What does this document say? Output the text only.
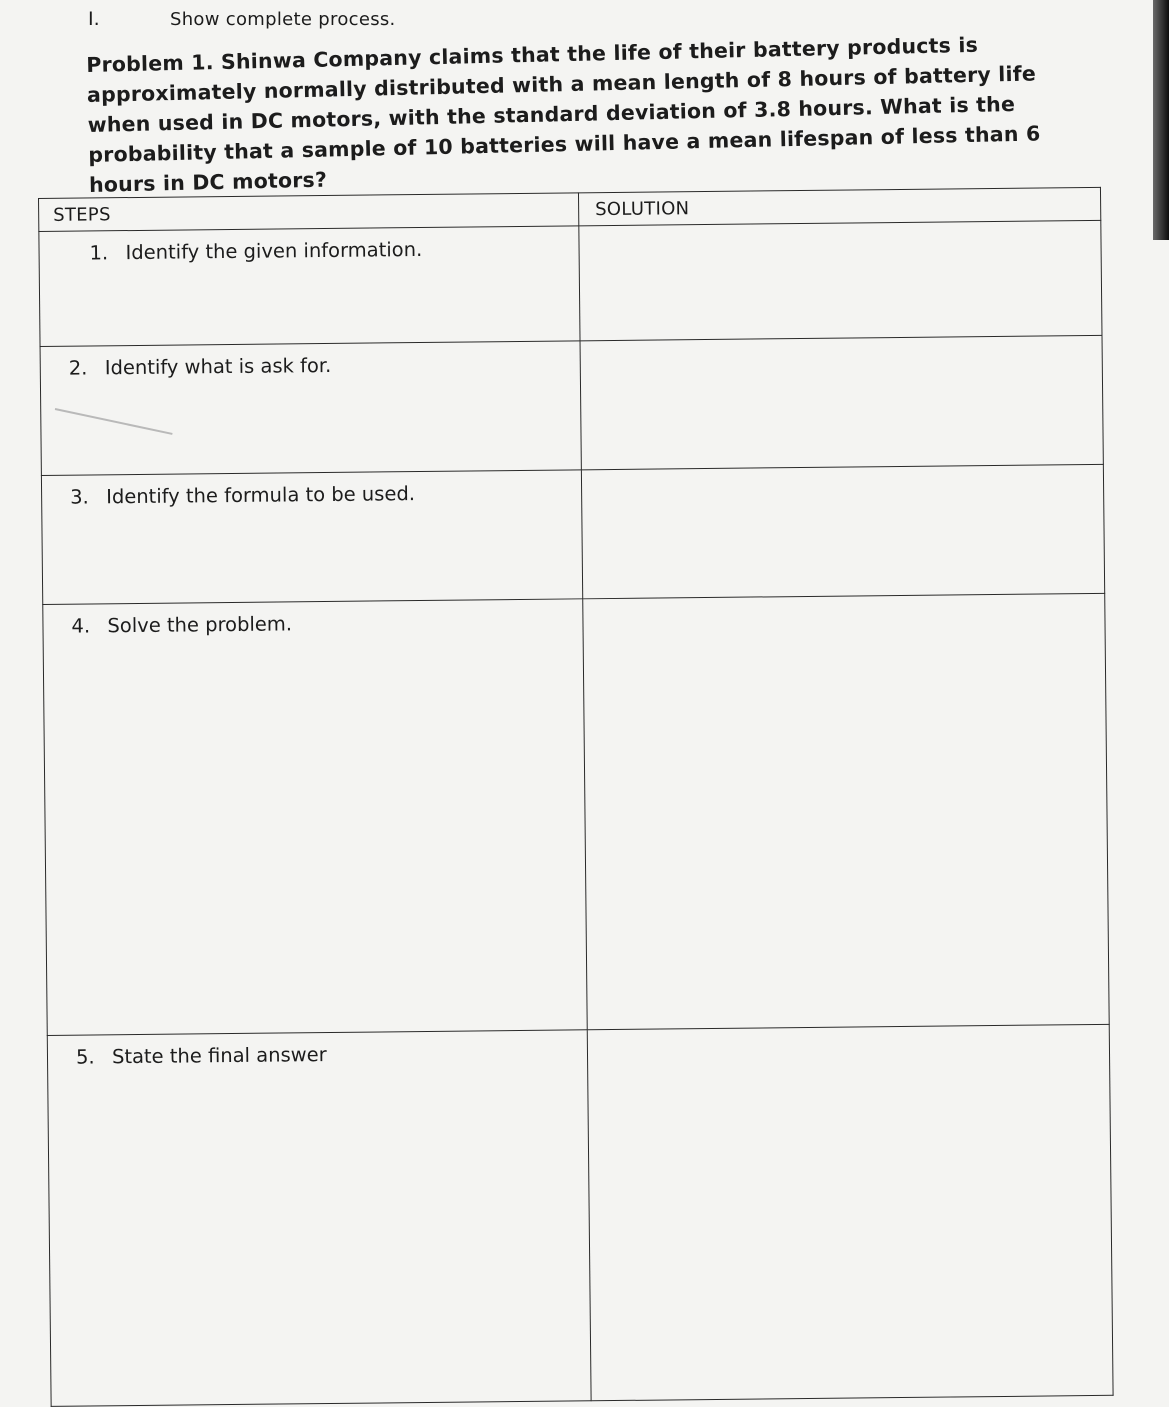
I.	Show complete process.
Problem 1. Shinwa Company claims that the life of their battery products is approximately normally distributed with a mean length of 8 hours of battery life when used in DC motors, with the standard deviation of 3.8 hours. What is the probability that a sample of 10 batteries will have a mean lifespan of less than 6 hours in DC motors?
STEPS	SOLUTION
1. Identify the given information.	
2. Identify what is ask for.	
3. Identify the formula to be used.	
4. Solve the problem.	
5. State the final answer	
